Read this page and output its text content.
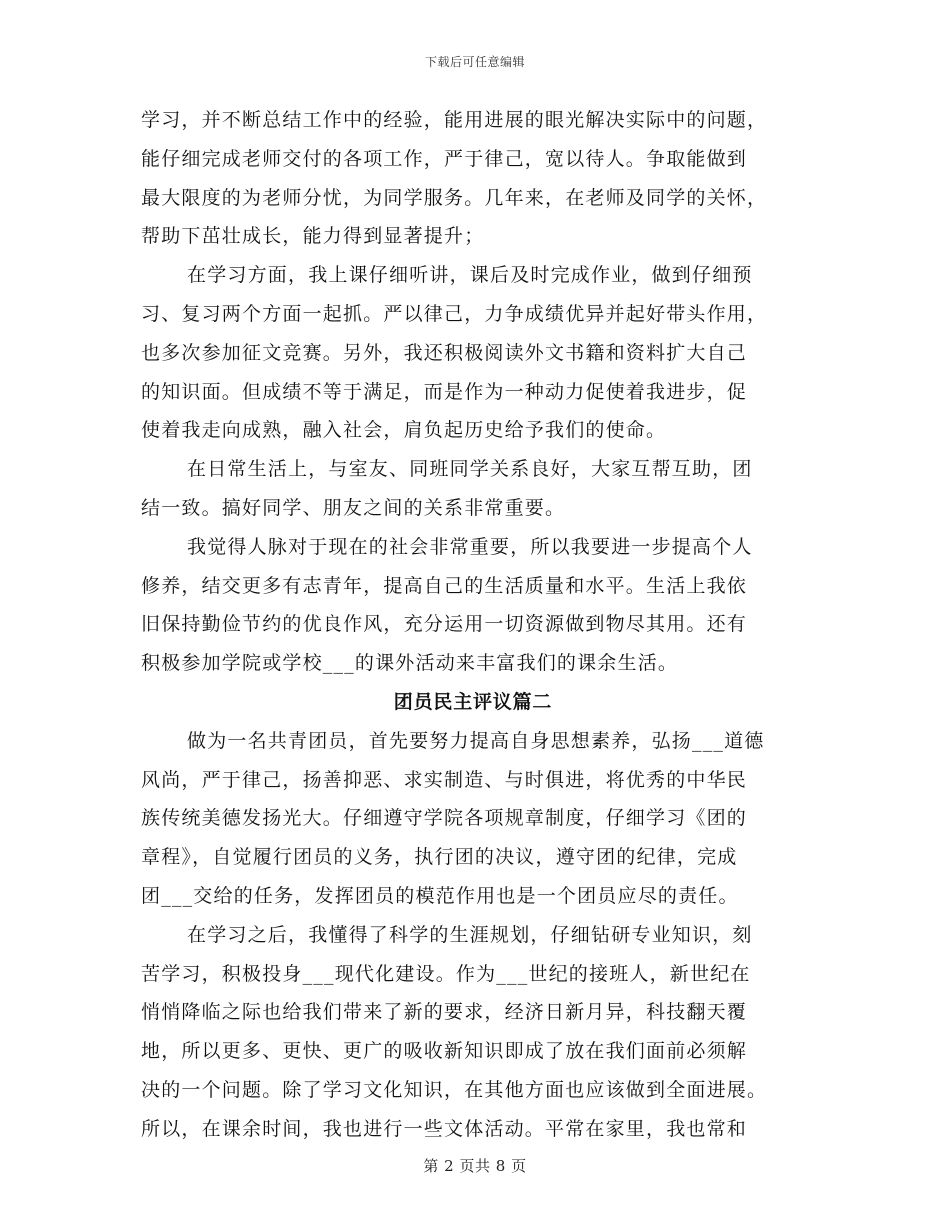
下载后可任意编辑
学习，并不断总结工作中的经验，能用进展的眼光解决实际中的问题，
能仔细完成老师交付的各项工作，严于律己，宽以待人。争取能做到
最大限度的为老师分忧，为同学服务。几年来，在老师及同学的关怀，
帮助下茁壮成长，能力得到显著提升；
在学习方面，我上课仔细听讲，课后及时完成作业，做到仔细预
习、复习两个方面一起抓。严以律己，力争成绩优异并起好带头作用，
也多次参加征文竞赛。另外，我还积极阅读外文书籍和资料扩大自己
的知识面。但成绩不等于满足，而是作为一种动力促使着我进步，促
使着我走向成熟，融入社会，肩负起历史给予我们的使命。
在日常生活上，与室友、同班同学关系良好，大家互帮互助，团
结一致。搞好同学、朋友之间的关系非常重要。
我觉得人脉对于现在的社会非常重要，所以我要进一步提高个人
修养，结交更多有志青年，提高自己的生活质量和水平。生活上我依
旧保持勤俭节约的优良作风，充分运用一切资源做到物尽其用。还有
积极参加学院或学校___的课外活动来丰富我们的课余生活。
团员民主评议篇二
做为一名共青团员，首先要努力提高自身思想素养，弘扬___道德
风尚，严于律己，扬善抑恶、求实制造、与时俱进，将优秀的中华民
族传统美德发扬光大。仔细遵守学院各项规章制度，仔细学习《团的
章程》，自觉履行团员的义务，执行团的决议，遵守团的纪律，完成
团___交给的任务，发挥团员的模范作用也是一个团员应尽的责任。
在学习之后，我懂得了科学的生涯规划，仔细钻研专业知识，刻
苦学习，积极投身___现代化建设。作为___世纪的接班人，新世纪在
悄悄降临之际也给我们带来了新的要求，经济日新月异，科技翻天覆
地，所以更多、更快、更广的吸收新知识即成了放在我们面前必须解
决的一个问题。除了学习文化知识，在其他方面也应该做到全面进展。
所以，在课余时间，我也进行一些文体活动。平常在家里，我也常和
第 2 页共 8 页
